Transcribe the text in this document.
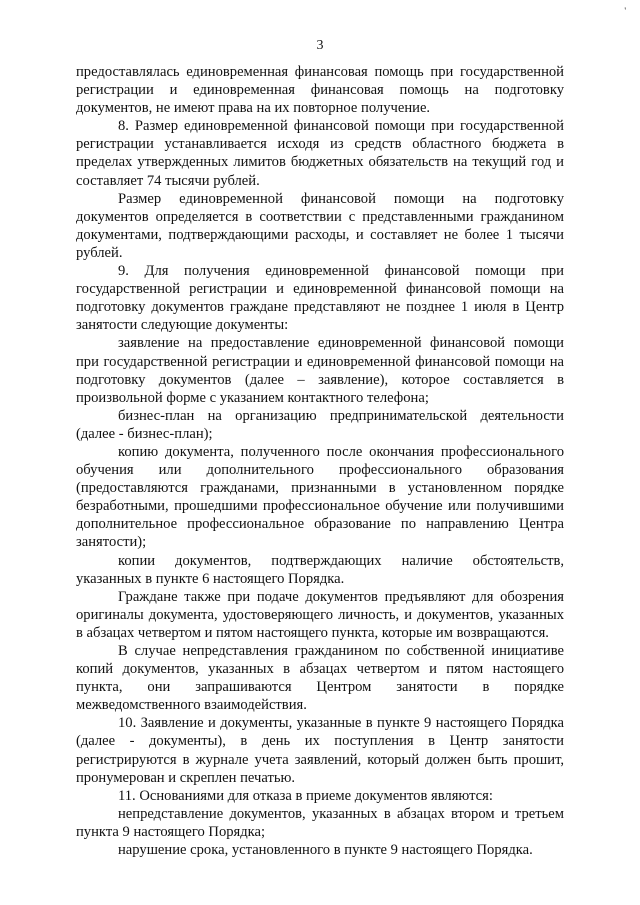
'
3

предоставлялась единовременная финансовая помощь при государственной регистрации и единовременная финансовая помощь на подготовку документов, не имеют права на их повторное получение.

8. Размер единовременной финансовой помощи при государственной регистрации устанавливается исходя из средств областного бюджета в пределах утвержденных лимитов бюджетных обязательств на текущий год и составляет 74 тысячи рублей.

Размер единовременной финансовой помощи на подготовку документов определяется в соответствии с представленными гражданином документами, подтверждающими расходы, и составляет не более 1 тысячи рублей.

9. Для получения единовременной финансовой помощи при государственной регистрации и единовременной финансовой помощи на подготовку документов граждане представляют не позднее 1 июля в Центр занятости следующие документы:

заявление на предоставление единовременной финансовой помощи при государственной регистрации и единовременной финансовой помощи на подготовку документов (далее – заявление), которое составляется в произвольной форме с указанием контактного телефона;

бизнес-план на организацию предпринимательской деятельности (далее - бизнес-план);

копию документа, полученного после окончания профессионального обучения или дополнительного профессионального образования (предоставляются гражданами, признанными в установленном порядке безработными, прошедшими профессиональное обучение или получившими дополнительное профессиональное образование по направлению Центра занятости);

копии документов, подтверждающих наличие обстоятельств, указанных в пункте 6 настоящего Порядка.

Граждане также при подаче документов предъявляют для обозрения оригиналы документа, удостоверяющего личность, и документов, указанных в абзацах четвертом и пятом настоящего пункта, которые им возвращаются.

В случае непредставления гражданином по собственной инициативе копий документов, указанных в абзацах четвертом и пятом настоящего пункта, они запрашиваются Центром занятости в порядке межведомственного взаимодействия.

10. Заявление и документы, указанные в пункте 9 настоящего Порядка (далее - документы), в день их поступления в Центр занятости регистрируются в журнале учета заявлений, который должен быть прошит, пронумерован и скреплен печатью.

11. Основаниями для отказа в приеме документов являются:

непредставление документов, указанных в абзацах втором и третьем пункта 9 настоящего Порядка;

нарушение срока, установленного в пункте 9 настоящего Порядка.
